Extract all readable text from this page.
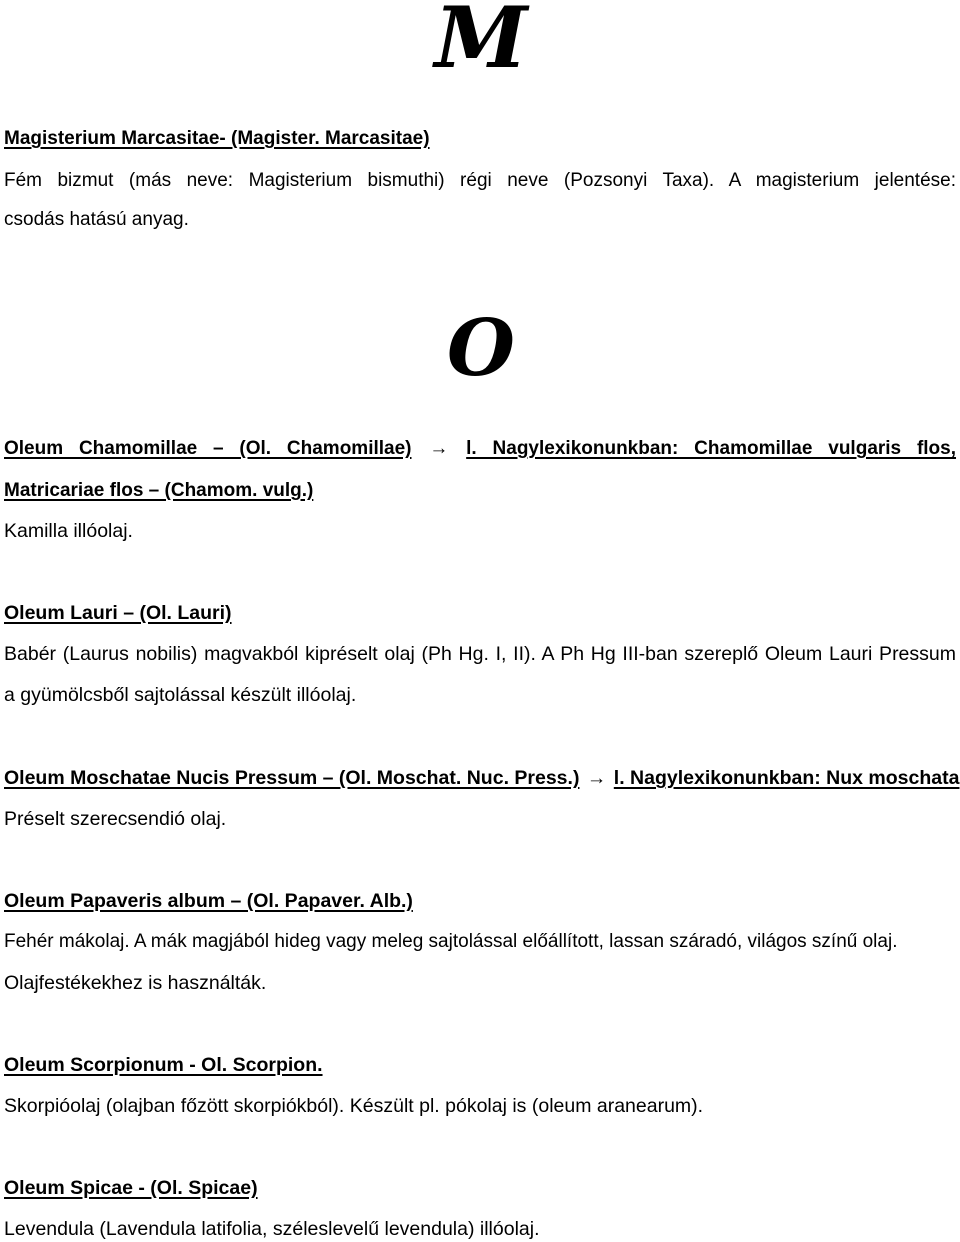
M

Magisterium Marcasitae- (Magister. Marcasitae)

Fém bizmut (más neve: Magisterium bismuthi) régi neve (Pozsonyi Taxa). A magisterium jelentése:

csodás hatású anyag.

O

Oleum Chamomillae – (Ol. Chamomillae) → l. Nagylexikonunkban: Chamomillae vulgaris flos,

Matricariae flos – (Chamom. vulg.)

Kamilla illóolaj.

Oleum Lauri – (Ol. Lauri)

Babér (Laurus nobilis) magvakból kipréselt olaj (Ph Hg. I, II). A Ph Hg III-ban szereplő Oleum Lauri Pressum

a gyümölcsből sajtolással készült illóolaj.

Oleum Moschatae Nucis Pressum – (Ol. Moschat. Nuc. Press.) → l. Nagylexikonunkban: Nux moschata

Préselt szerecsendió olaj.

Oleum Papaveris album – (Ol. Papaver. Alb.)

Fehér mákolaj. A mák magjából hideg vagy meleg sajtolással előállított, lassan száradó, világos színű olaj.

Olajfestékekhez is használták.

Oleum Scorpionum - Ol. Scorpion.

Skorpióolaj (olajban főzött skorpiókból). Készült pl. pókolaj is (oleum aranearum).

Oleum Spicae - (Ol. Spicae)

Levendula (Lavendula latifolia, széleslevelű levendula) illóolaj.
